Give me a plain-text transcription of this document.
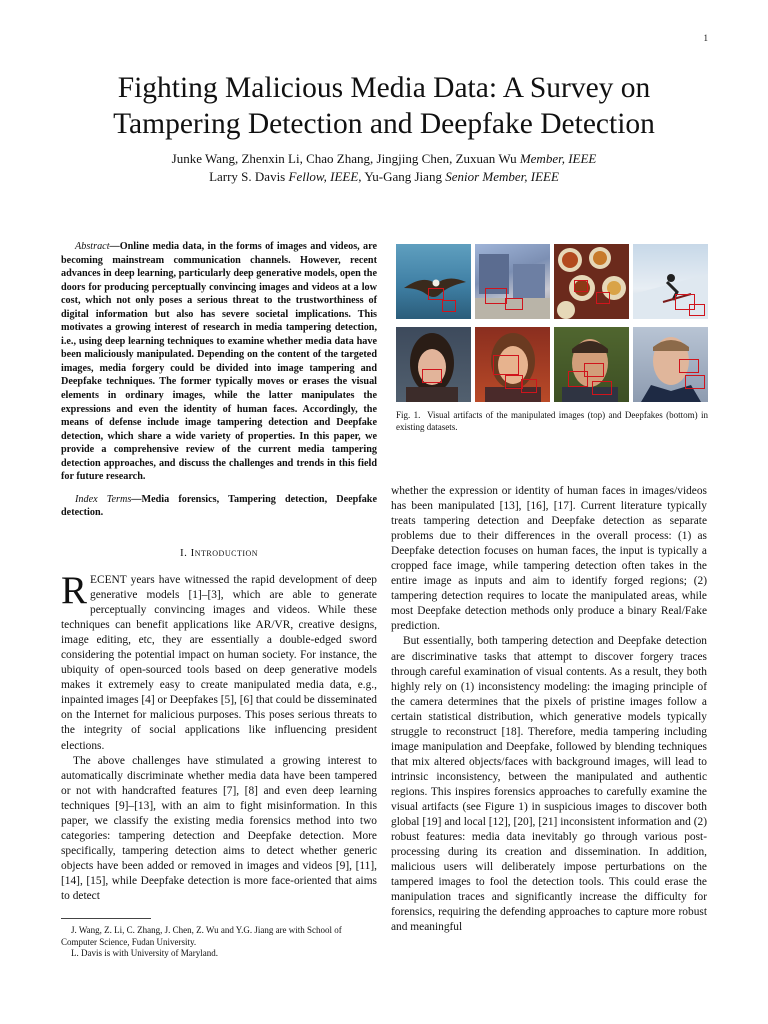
1
Fighting Malicious Media Data: A Survey on
Tampering Detection and Deepfake Detection
Junke Wang, Zhenxin Li, Chao Zhang, Jingjing Chen, Zuxuan Wu Member, IEEE
Larry S. Davis Fellow, IEEE, Yu-Gang Jiang Senior Member, IEEE

Abstract—Online media data, in the forms of images and videos, are becoming mainstream communication channels. However, recent advances in deep learning, particularly deep generative models, open the doors for producing perceptually convincing images and videos at a low cost, which not only poses a serious threat to the trustworthiness of digital information but also has severe societal implications. This motivates a growing interest of research in media tampering detection, i.e., using deep learning techniques to examine whether media data have been maliciously manipulated. Depending on the content of the targeted images, media forgery could be divided into image tampering and Deepfake techniques. The former typically moves or erases the visual elements in ordinary images, while the latter manipulates the expressions and even the identity of human faces. Accordingly, the means of defense include image tampering detection and Deepfake detection, which share a wide variety of properties. In this paper, we provide a comprehensive review of the current media tampering detection approaches, and discuss the challenges and trends in this field for future research.

Index Terms—Media forensics, Tampering detection, Deepfake detection.

I. Introduction

RECENT years have witnessed the rapid development of deep generative models [1]–[3], which are able to generate perceptually convincing images and videos. While these techniques can benefit applications like AR/VR, creative designs, image editing, etc, they are essentially a double-edged sword considering the potential impact on human society. For instance, the ubiquity of open-sourced tools based on deep generative models makes it extremely easy to create manipulated media data, e.g., inpainted images [4] or Deepfakes [5], [6] that could be disseminated on the Internet for malicious purposes. This poses serious threats to the integrity of social applications like influencing president elections.

The above challenges have stimulated a growing interest to automatically discriminate whether media data have been tampered or not with handcrafted features [7], [8] and even deep learning techniques [9]–[13], with an aim to fight misinformation. In this paper, we classify the existing media forensics method into two categories: tampering detection and Deepfake detection. More specifically, tampering detection aims to detect whether generic objects have been added or removed in images and videos [9], [11], [14], [15], while Deepfake detection is more face-oriented that aims to detect

J. Wang, Z. Li, C. Zhang, J. Chen, Z. Wu and Y.G. Jiang are with School of Computer Science, Fudan University.

L. Davis is with University of Maryland.

Fig. 1. Visual artifacts of the manipulated images (top) and Deepfakes (bottom) in existing datasets.

whether the expression or identity of human faces in images/videos has been manipulated [13], [16], [17]. Current literature typically treats tampering detection and Deepfake detection as separate problems due to their differences in the overall process: (1) as Deepfake detection focuses on human faces, the input is typically a cropped face image, while tampering detection often takes in the entire image as inputs and aim to identify forged regions; (2) tampering detection requires to locate the manipulated areas, while most Deepfake detection methods only produce a binary Real/Fake prediction.

But essentially, both tampering detection and Deepfake detection are discriminative tasks that attempt to discover forgery traces through careful examination of visual contents. As a result, they both highly rely on (1) inconsistency modeling: the imaging principle of the camera determines that the pixels of pristine images follow a certain statistical distribution, which generative models typically struggle to reconstruct [18]. Therefore, media tampering including image manipulation and Deepfake, followed by blending techniques that mix altered objects/faces with background images, will lead to intrinsic inconsistency, between the manipulated and authentic regions. This inspires forensics approaches to carefully examine the visual artifacts (see Figure 1) in suspicious images to discover both global [19] and local [12], [20], [21] inconsistent information and (2) robust features: media data inevitably go through various post-processing during its creation and dissemination. In addition, malicious users will deliberately impose perturbations on the tampered images to fool the detection tools. This could erase the manipulation traces and significantly increase the difficulty for forensics, requiring the defending approaches to capture more robust and meaningful
